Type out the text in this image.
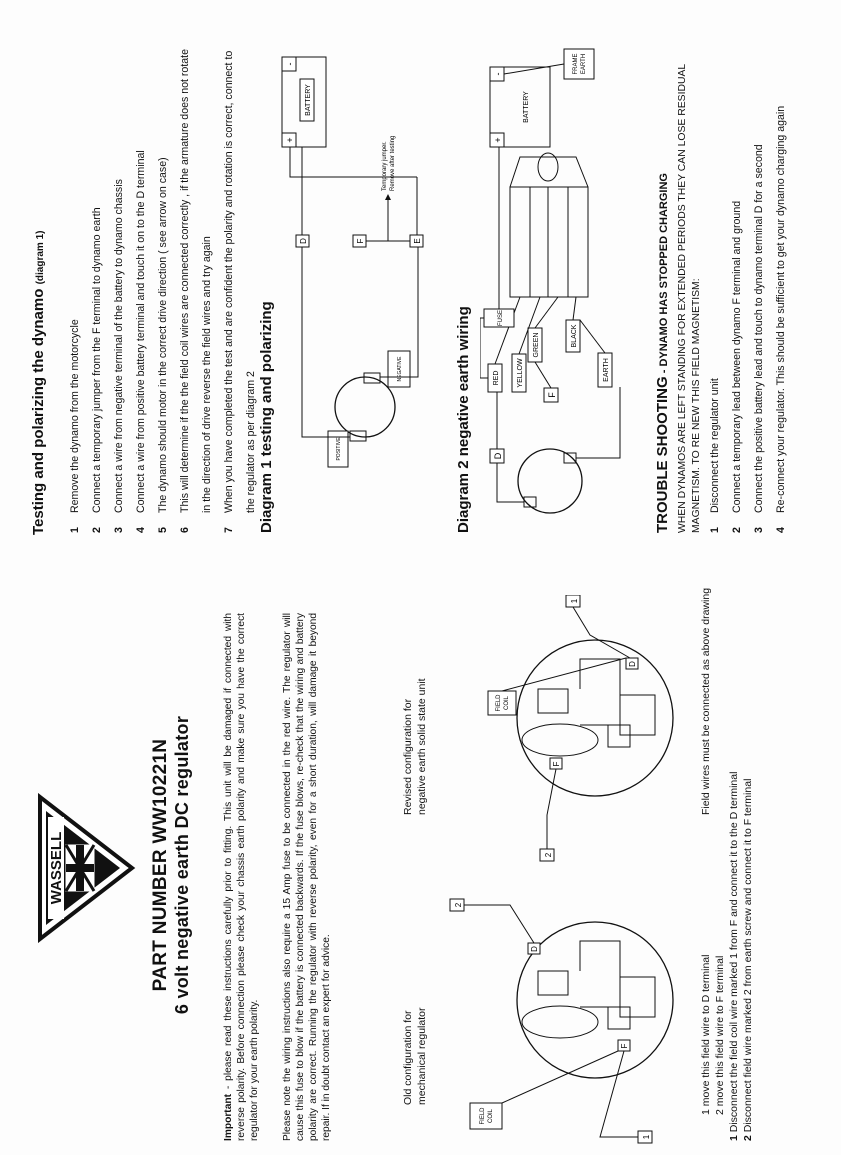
WASSELL	PART NUMBER WW10221N 6 volt negative earth DC regulator
Important - please read these instructions carefully prior to fitting. This unit will be damaged if connected with reverse polarity. Before connection please check your chassis earth polarity and make sure you have the correct regulator for your earth polarity. Please note the wiring instructions also require a 15 Amp fuse to be connected in the red wire. The regulator will cause this fuse to blow if the battery is connected backwards. If the fuse blows, re-check that the wiring and battery polarity are correct. Running the regulator with reverse polarity, even for a short duration, will damage it beyond repair. If in doubt contact an expert for advice.	Old configuration for mechanical regulator
FIELD COIL
1
2
F
D
1 move this field wire to D terminal 2 move this field wire to F terminal
Revised configuration for negative earth solid state unit	FIELD COIL
2
1
F
D
1 Disconnect the field coil wire marked 1 from F and connect it to the D terminal
2 Disconnect field wire marked 2 from earth screw and connect it to F terminal
Field wires must be connected as above drawing
Testing and polarizing the dynamo (diagram 1)
1Remove the dynamo from the motorcycle
2Connect a temporary jumper from the F terminal to dynamo earth
3Connect a wire from negative terminal of the battery to dynamo chassis
4Connect a wire from positive battery terminal and touch it on to the D terminal
5The dynamo should motor in the correct drive direction ( see arrow on case)
6This will determine if the the field coil wires are connected correctly , if the armature does not rotate in the direction of drive reverse the field wires and try again
7When you have completed the test and are confident the polarity and rotation is correct, connect to the regulator as per diagram 2 Diagram 1 testing and polarizing	POSITIVE
NEGATIVE
D	F	E
Temporary jumper. Remove after testing
+
-
BATTERY
Diagram 2 negative earth wiring D
F
RED YELLOW
GREEN	BLACK
EARTH
FUSE
+
-
BATTERY
FRAME EARTH
TROUBLE SHOOTING - DYNAMO HAS STOPPED CHARGING WHEN DYNAMOS ARE LEFT STANDING FOR EXTENDED PERIODS THEY CAN LOSE RESIDUAL MAGNETISM. TO RE NEW THIS FIELD MAGNETISM: 1Disconnect the regulator unit
2Connect a temporary lead between dynamo F terminal and ground
3Connect the positive battery lead and touch to dynamo terminal D for a second
4Re-connect your regulator. This should be sufficient to get your dynamo charging again
